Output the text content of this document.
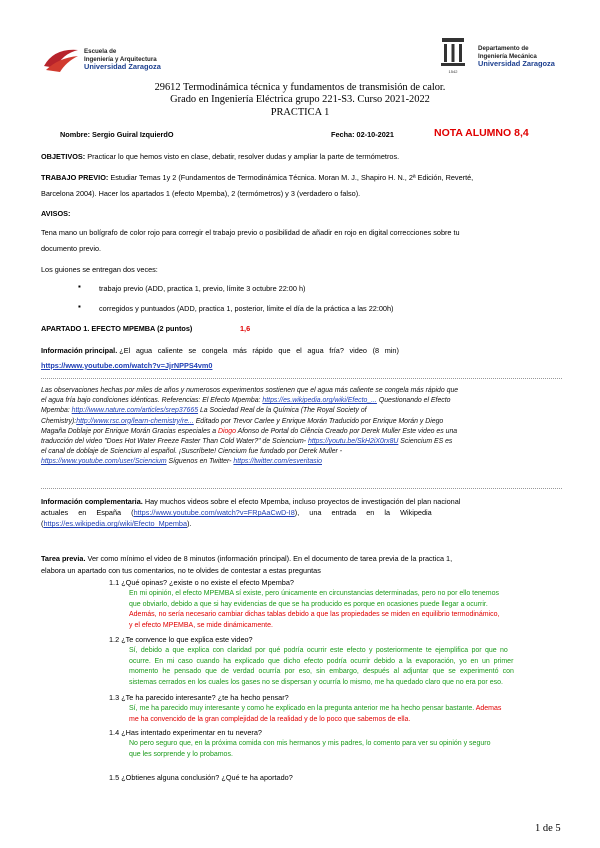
Escuela de
Ingeniería y Arquitectura
Universidad Zaragoza
1542
Departamento de
Ingeniería Mecánica
Universidad Zaragoza
29612 Termodinámica técnica y fundamentos de transmisión de calor.
Grado en Ingeniería Eléctrica grupo 221-S3. Curso 2021-2022
PRACTICA 1
Nombre: Sergio Guiral IzquierdO	Fecha: 02-10-2021	NOTA ALUMNO 8,4
OBJETIVOS: Practicar lo que hemos visto en clase, debatir, resolver dudas y ampliar la parte de termómetros.
TRABAJO PREVIO: Estudiar Temas 1y 2 (Fundamentos de Termodinámica Técnica. Moran M. J., Shapiro H. N., 2ª Edición, Reverté,
Barcelona 2004). Hacer los apartados 1 (efecto Mpemba), 2 (termómetros) y 3 (verdadero o falso).
AVISOS:
Tena mano un bolígrafo de color rojo para corregir el trabajo previo o posibilidad de añadir en rojo en digital correcciones sobre tu
documento previo.
Los guiones se entregan dos veces:
▪ trabajo previo (ADD, practica 1, previo, límite 3 octubre 22:00 h)
▪ corregidos y puntuados (ADD, practica 1, posterior, límite el día de la práctica a las 22:00h)
APARTADO 1. EFECTO MPEMBA (2 puntos)	1,6
Información principal. ¿El agua caliente se congela más rápido que el agua fría? video (8 min)
https://www.youtube.com/watch?v=JjrNPPS4vm0
Las observaciones hechas por miles de años y numerosos experimentos sostienen que el agua más caliente se congela más rápido que
el agua fría bajo condiciones idénticas. Referencias: El Efecto Mpemba: https://es.wikipedia.org/wiki/Efecto_... Questionando el Efecto
Mpemba: http://www.nature.com/articles/srep37665 La Sociedad Real de la Química (The Royal Society of
Chemistry):http://www.rsc.org/learn-chemistry/re... Editado por Trevor Carlee y Enrique Morán Traducido por Enrique Morán y Diego
Magaña Doblaje por Enrique Morán Gracias especiales a Diogo Afonso de Portal do Ciência Creado por Derek Muller Este video es una
traducción del video "Does Hot Water Freeze Faster Than Cold Water?" de Sciencium- https://youtu.be/SkH2iX0rx8U Sciencium ES es
el canal de doblaje de Sciencium al español. ¡Suscríbete! Ciencium fue fundado por Derek Muller -
https://www.youtube.com/user/Sciencium Síguenos en Twitter- https://twitter.com/esveritasio
Información complementaria. Hay muchos videos sobre el efecto Mpemba, incluso proyectos de investigación del plan nacional
actuales en España (https://www.youtube.com/watch?v=FRpAaCwD-I8), una entrada en la Wikipedia
(https://es.wikipedia.org/wiki/Efecto_Mpemba).
Tarea previa. Ver como mínimo el video de 8 minutos (información principal). En el documento de tarea previa de la practica 1,
elabora un apartado con tus comentarios, no te olvides de contestar a estas preguntas
1.1 ¿Qué opinas? ¿existe o no existe el efecto Mpemba?
En mi opinión, el efecto MPEMBA sí existe, pero únicamente en circunstancias determinadas, pero no por ello tenemos
que obviarlo, debido a que si hay evidencias de que se ha producido es porque en ocasiones puede llegar a ocurrir.
Además, no sería necesario cambiar dichas tablas debido a que las propiedades se miden en equilibrio termodinámico,
y el efecto MPEMBA, se mide dinámicamente.
1.2 ¿Te convence lo que explica este video?
Sí, debido a que explica con claridad por qué podría ocurrir este efecto y posteriormente te ejemplifica por que no
ocurre. En mi caso cuando ha explicado que dicho efecto podría ocurrir debido a la evaporación, yo en un primer
momento he pensado que de verdad ocurría por eso, sin embargo, después al adjuntar que se experimentó con
sistemas cerrados en los cuales los gases no se dispersan y ocurría lo mismo, me ha quedado claro que no era por eso.
1.3 ¿Te ha parecido interesante? ¿te ha hecho pensar?
Sí, me ha parecido muy interesante y como he explicado en la pregunta anterior me ha hecho pensar bastante. Ademas
me ha convencido de la gran complejidad de la realidad y de lo poco que sabemos de ella.
1.4 ¿Has intentado experimentar en tu nevera?
No pero seguro que, en la próxima comida con mis hermanos y mis padres, lo comento para ver su opinión y seguro
que les sorprende y lo probamos.
1.5 ¿Obtienes alguna conclusión? ¿Qué te ha aportado?
1 de 5
